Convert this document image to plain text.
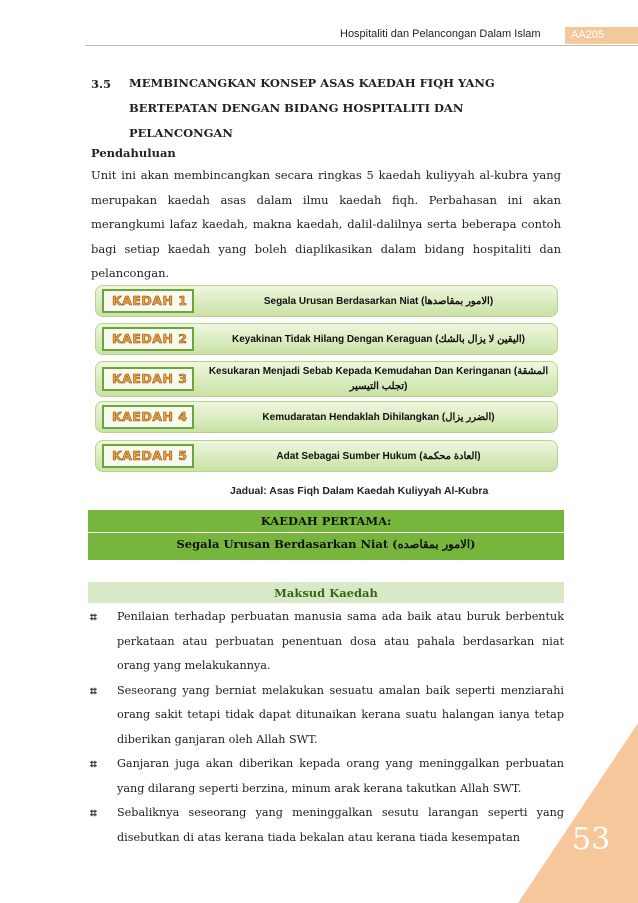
Hospitaliti dan Pelancongan Dalam Islam	AA205
3.5 MEMBINCANGKAN KONSEP ASAS KAEDAH FIQH YANG BERTEPATAN DENGAN BIDANG HOSPITALITI DAN PELANCONGAN
Pendahuluan
Unit ini akan membincangkan secara ringkas 5 kaedah kuliyyah al-kubra yang merupakan kaedah asas dalam ilmu kaedah fiqh. Perbahasan ini akan merangkumi lafaz kaedah, makna kaedah, dalil-dalilnya serta beberapa contoh bagi setiap kaedah yang boleh diaplikasikan dalam bidang hospitaliti dan pelancongan.
KAEDAH 1	Segala Urusan Berdasarkan Niat (الامور بمقاصدها)
KAEDAH 2	Keyakinan Tidak Hilang Dengan Keraguan (اليقين لا يزال بالشك)
KAEDAH 3	Kesukaran Menjadi Sebab Kepada Kemudahan Dan Keringanan (المشقة تجلب التيسير)
KAEDAH 4	Kemudaratan Hendaklah Dihilangkan (الضرر يزال)
KAEDAH 5	Adat Sebagai Sumber Hukum (العادة محكمة)
Jadual: Asas Fiqh Dalam Kaedah Kuliyyah Al-Kubra
KAEDAH PERTAMA:
Segala Urusan Berdasarkan Niat (الامور بمقاصده)
Maksud Kaedah
⌗ Penilaian terhadap perbuatan manusia sama ada baik atau buruk berbentuk perkataan atau perbuatan penentuan dosa atau pahala berdasarkan niat orang yang melakukannya.
⌗ Seseorang yang berniat melakukan sesuatu amalan baik seperti menziarahi orang sakit tetapi tidak dapat ditunaikan kerana suatu halangan ianya tetap diberikan ganjaran oleh Allah SWT.
⌗ Ganjaran juga akan diberikan kepada orang yang meninggalkan perbuatan yang dilarang seperti berzina, minum arak kerana takutkan Allah SWT.
⌗ Sebaliknya seseorang yang meninggalkan sesutu larangan seperti yang disebutkan di atas kerana tiada bekalan atau kerana tiada kesempatan	53
